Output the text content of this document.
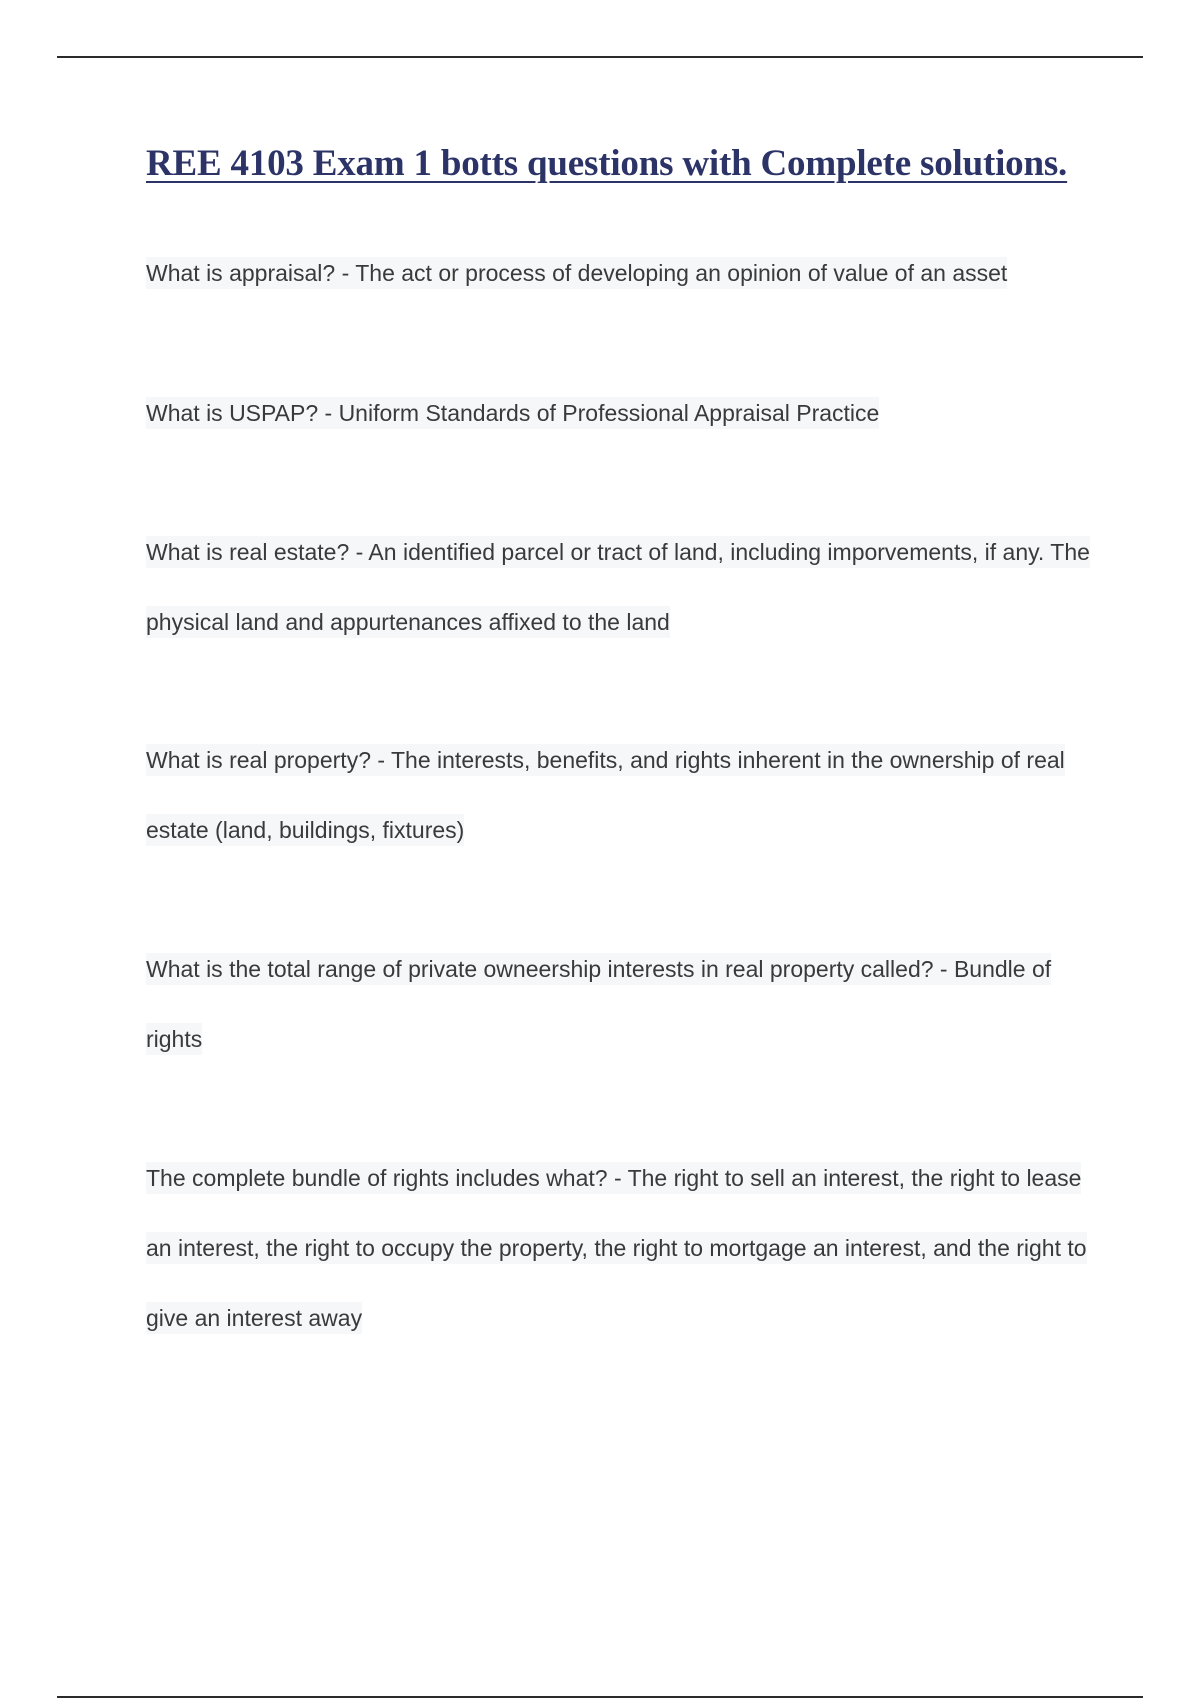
REE 4103 Exam 1 botts questions with Complete solutions.

What is appraisal? - The act or process of developing an opinion of value of an asset

What is USPAP? - Uniform Standards of Professional Appraisal Practice

What is real estate? - An identified parcel or tract of land, including imporvements, if any. The physical land and appurtenances affixed to the land

What is real property? - The interests, benefits, and rights inherent in the ownership of real estate (land, buildings, fixtures)

What is the total range of private owneership interests in real property called? - Bundle of rights

The complete bundle of rights includes what? - The right to sell an interest, the right to lease an interest, the right to occupy the property, the right to mortgage an interest, and the right to give an interest away
